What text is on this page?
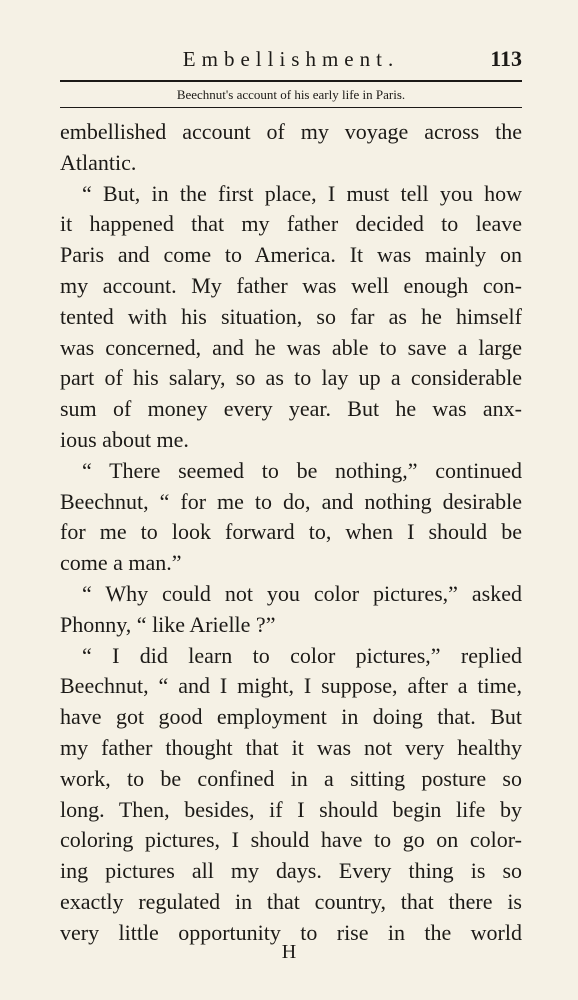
Embellishment.	113
Beechnut's account of his early life in Paris.
embellished account of my voyage across the
Atlantic.
“ But, in the first place, I must tell you how
it happened that my father decided to leave
Paris and come to America. It was mainly on
my account. My father was well enough con-
tented with his situation, so far as he himself
was concerned, and he was able to save a large
part of his salary, so as to lay up a considerable
sum of money every year. But he was anx-
ious about me.
“ There seemed to be nothing,” continued
Beechnut, “ for me to do, and nothing desirable
for me to look forward to, when I should be
come a man.”
“ Why could not you color pictures,” asked
Phonny, “ like Arielle ?”
“ I did learn to color pictures,” replied
Beechnut, “ and I might, I suppose, after a time,
have got good employment in doing that. But
my father thought that it was not very healthy
work, to be confined in a sitting posture so
long. Then, besides, if I should begin life by
coloring pictures, I should have to go on color-
ing pictures all my days. Every thing is so
exactly regulated in that country, that there is
very little opportunity to rise in the world
H
